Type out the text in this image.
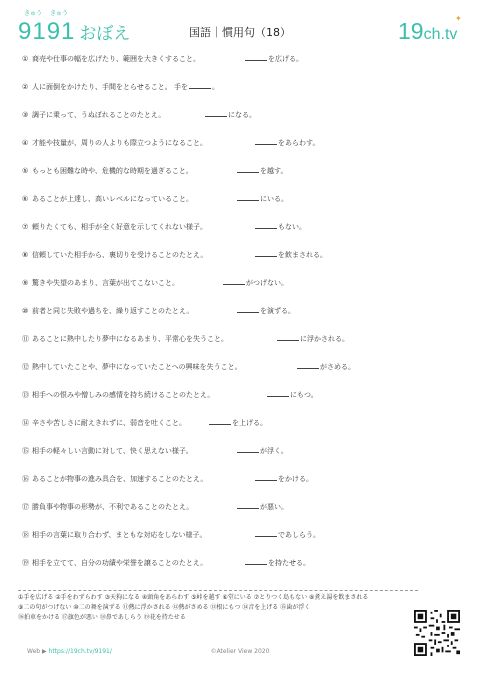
きゅう きゅう
9191 おぼえ	国語｜慣用句（18）	19ch.tv
✦
① 商売や仕事の幅を広げたり、範囲を大きくすること。	を広げる。
② 人に面倒をかけたり、手間をとらせること。 手を	。
③ 調子に乗って、うぬぼれることのたとえ。	になる。
④ 才能や技量が、周りの人よりも際立つようになること。	をあらわす。
⑤ もっとも困難な時や、危機的な時期を過ぎること。	を越す。
⑥ あることが上達し、高いレベルになっていること。	にいる。
⑦ 頼りたくても、相手が全く好意を示してくれない様子。	もない。
⑧ 信頼していた相手から、裏切りを受けることのたとえ。	を飲まされる。
⑨ 驚きや失望のあまり、言葉が出てこないこと。	がつげない。
⑩ 前者と同じ失敗や過ちを、繰り返すことのたとえ。	を演ずる。
⑪ あることに熱中したり夢中になるあまり、平常心を失うこと。	に浮かされる。
⑫ 熱中していたことや、夢中になっていたことへの興味を失うこと。	がさめる。
⑬ 相手への恨みや憎しみの感情を持ち続けることのたとえ。	にもつ。
⑭ 辛さや苦しさに耐えきれずに、弱音を吐くこと。	を上げる。
⑮ 相手の軽々しい言動に対して、快く思えない様子。	が浮く。
⑯ あることが物事の進み具合を、加速することのたとえ。	をかける。
⑰ 勝負事や物事の形勢が、不利であることのたとえ。	が悪い。
⑱ 相手の言葉に取り合わず、まともな対応をしない様子。	であしらう。
⑲ 相手を立てて、自分の功績や栄誉を譲ることのたとえ。	を持たせる。
①手を広げる ②手をわずらわす ③天狗になる ④頭角をあらわす ⑤峠を越す ⑥堂にいる ⑦とりつく島もない ⑧煮え湯を飲まされる
⑨二の句がつげない ⑩二の舞を演ずる ⑪熱に浮かされる ⑫熱がさめる ⑬根にもつ ⑭音を上げる ⑮歯が浮く
⑯拍車をかける ⑰旗色が悪い ⑱鼻であしらう ⑲花を持たせる
Web ▶ https://19ch.tv/9191/	©Atelier View 2020
